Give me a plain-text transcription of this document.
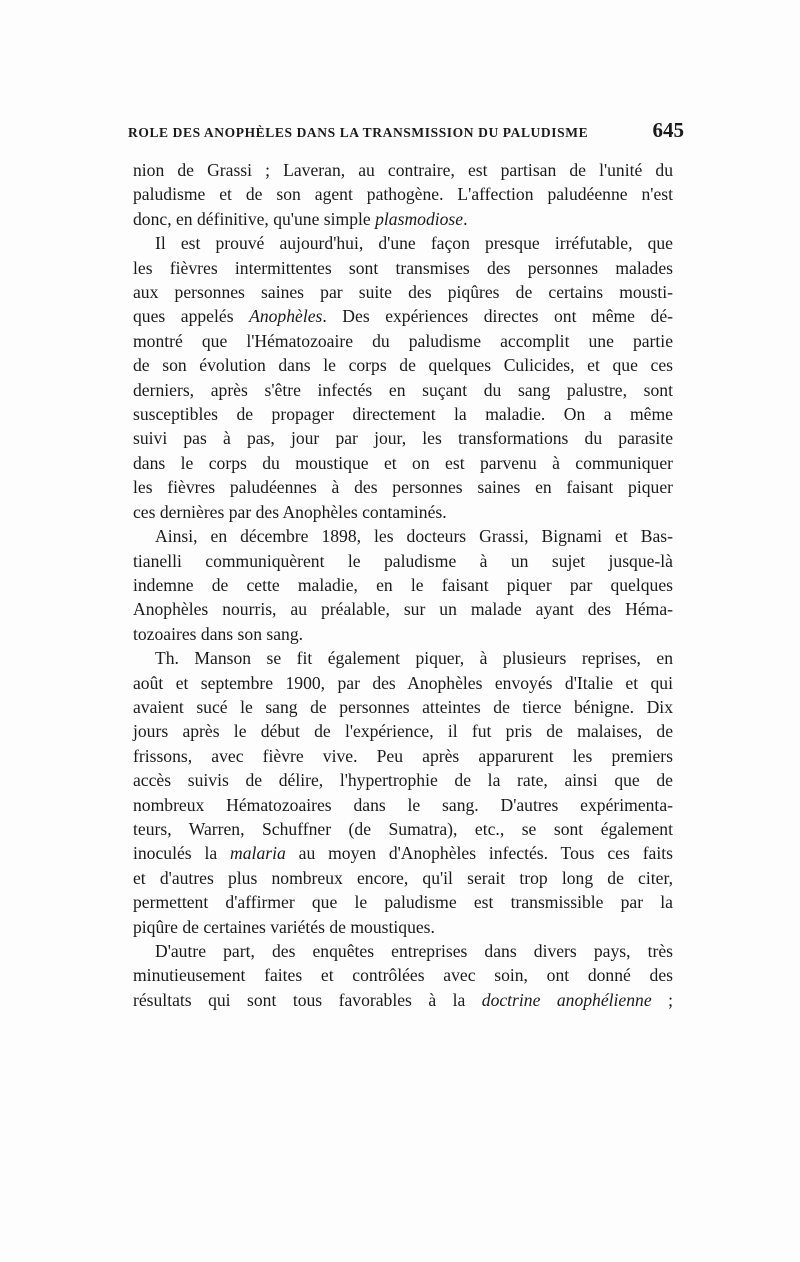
ROLE DES ANOPHÈLES DANS LA TRANSMISSION DU PALUDISME	645

nion de Grassi ; Laveran, au contraire, est partisan de l'unité du
paludisme et de son agent pathogène. L'affection paludéenne n'est
donc, en définitive, qu'une simple plasmodiose.

Il est prouvé aujourd'hui, d'une façon presque irréfutable, que
les fièvres intermittentes sont transmises des personnes malades
aux personnes saines par suite des piqûres de certains mousti-
ques appelés Anophèles. Des expériences directes ont même dé-
montré que l'Hématozoaire du paludisme accomplit une partie
de son évolution dans le corps de quelques Culicides, et que ces
derniers, après s'être infectés en suçant du sang palustre, sont
susceptibles de propager directement la maladie. On a même
suivi pas à pas, jour par jour, les transformations du parasite
dans le corps du moustique et on est parvenu à communiquer
les fièvres paludéennes à des personnes saines en faisant piquer
ces dernières par des Anophèles contaminés.

Ainsi, en décembre 1898, les docteurs Grassi, Bignami et Bas-
tianelli communiquèrent le paludisme à un sujet jusque-là
indemne de cette maladie, en le faisant piquer par quelques
Anophèles nourris, au préalable, sur un malade ayant des Héma-
tozoaires dans son sang.

Th. Manson se fit également piquer, à plusieurs reprises, en
août et septembre 1900, par des Anophèles envoyés d'Italie et qui
avaient sucé le sang de personnes atteintes de tierce bénigne. Dix
jours après le début de l'expérience, il fut pris de malaises, de
frissons, avec fièvre vive. Peu après apparurent les premiers
accès suivis de délire, l'hypertrophie de la rate, ainsi que de
nombreux Hématozoaires dans le sang. D'autres expérimenta-
teurs, Warren, Schuffner (de Sumatra), etc., se sont également
inoculés la malaria au moyen d'Anophèles infectés. Tous ces faits
et d'autres plus nombreux encore, qu'il serait trop long de citer,
permettent d'affirmer que le paludisme est transmissible par la
piqûre de certaines variétés de moustiques.

D'autre part, des enquêtes entreprises dans divers pays, très
minutieusement faites et contrôlées avec soin, ont donné des
résultats qui sont tous favorables à la doctrine anophélienne ;
